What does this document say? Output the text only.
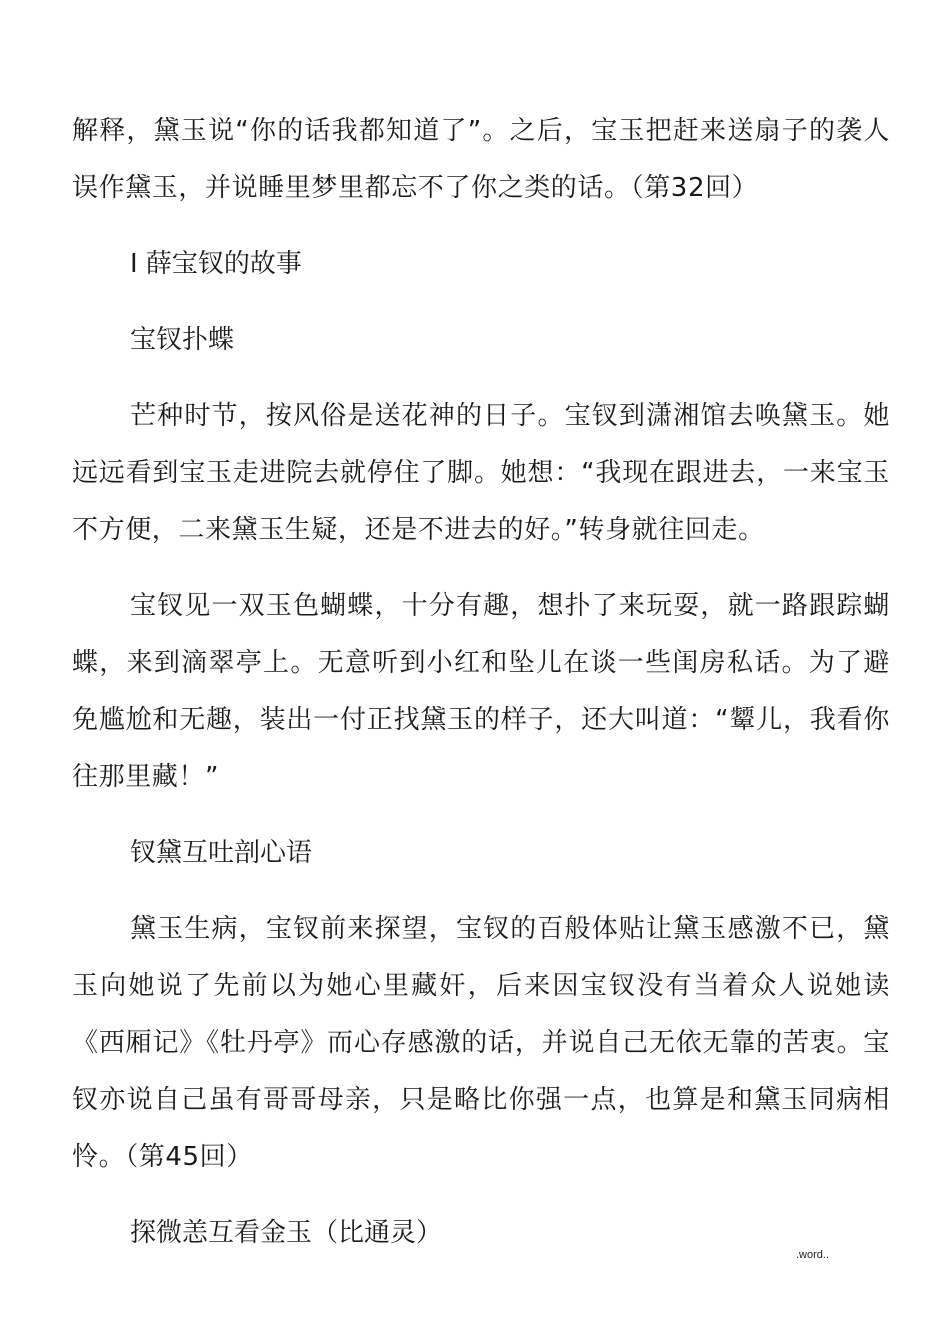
解释，黛玉说“你的话我都知道了”。之后，宝玉把赶来送扇子的袭人误作黛玉，并说睡里梦里都忘不了你之类的话。（第32回）

I 薛宝钗的故事

宝钗扑蝶

芒种时节，按风俗是送花神的日子。宝钗到潇湘馆去唤黛玉。她远远看到宝玉走进院去就停住了脚。她想：“我现在跟进去，一来宝玉不方便，二来黛玉生疑，还是不进去的好。”转身就往回走。

宝钗见一双玉色蝴蝶，十分有趣，想扑了来玩耍，就一路跟踪蝴蝶，来到滴翠亭上。无意听到小红和坠儿在谈一些闺房私话。为了避免尴尬和无趣，装出一付正找黛玉的样子，还大叫道：“颦儿，我看你往那里藏！”

钗黛互吐剖心语

黛玉生病，宝钗前来探望，宝钗的百般体贴让黛玉感激不已，黛玉向她说了先前以为她心里藏奸，后来因宝钗没有当着众人说她读《西厢记》《牡丹亭》而心存感激的话，并说自己无依无靠的苦衷。宝钗亦说自己虽有哥哥母亲，只是略比你强一点，也算是和黛玉同病相怜。（第45回）

探微恙互看金玉（比通灵）

.word..
